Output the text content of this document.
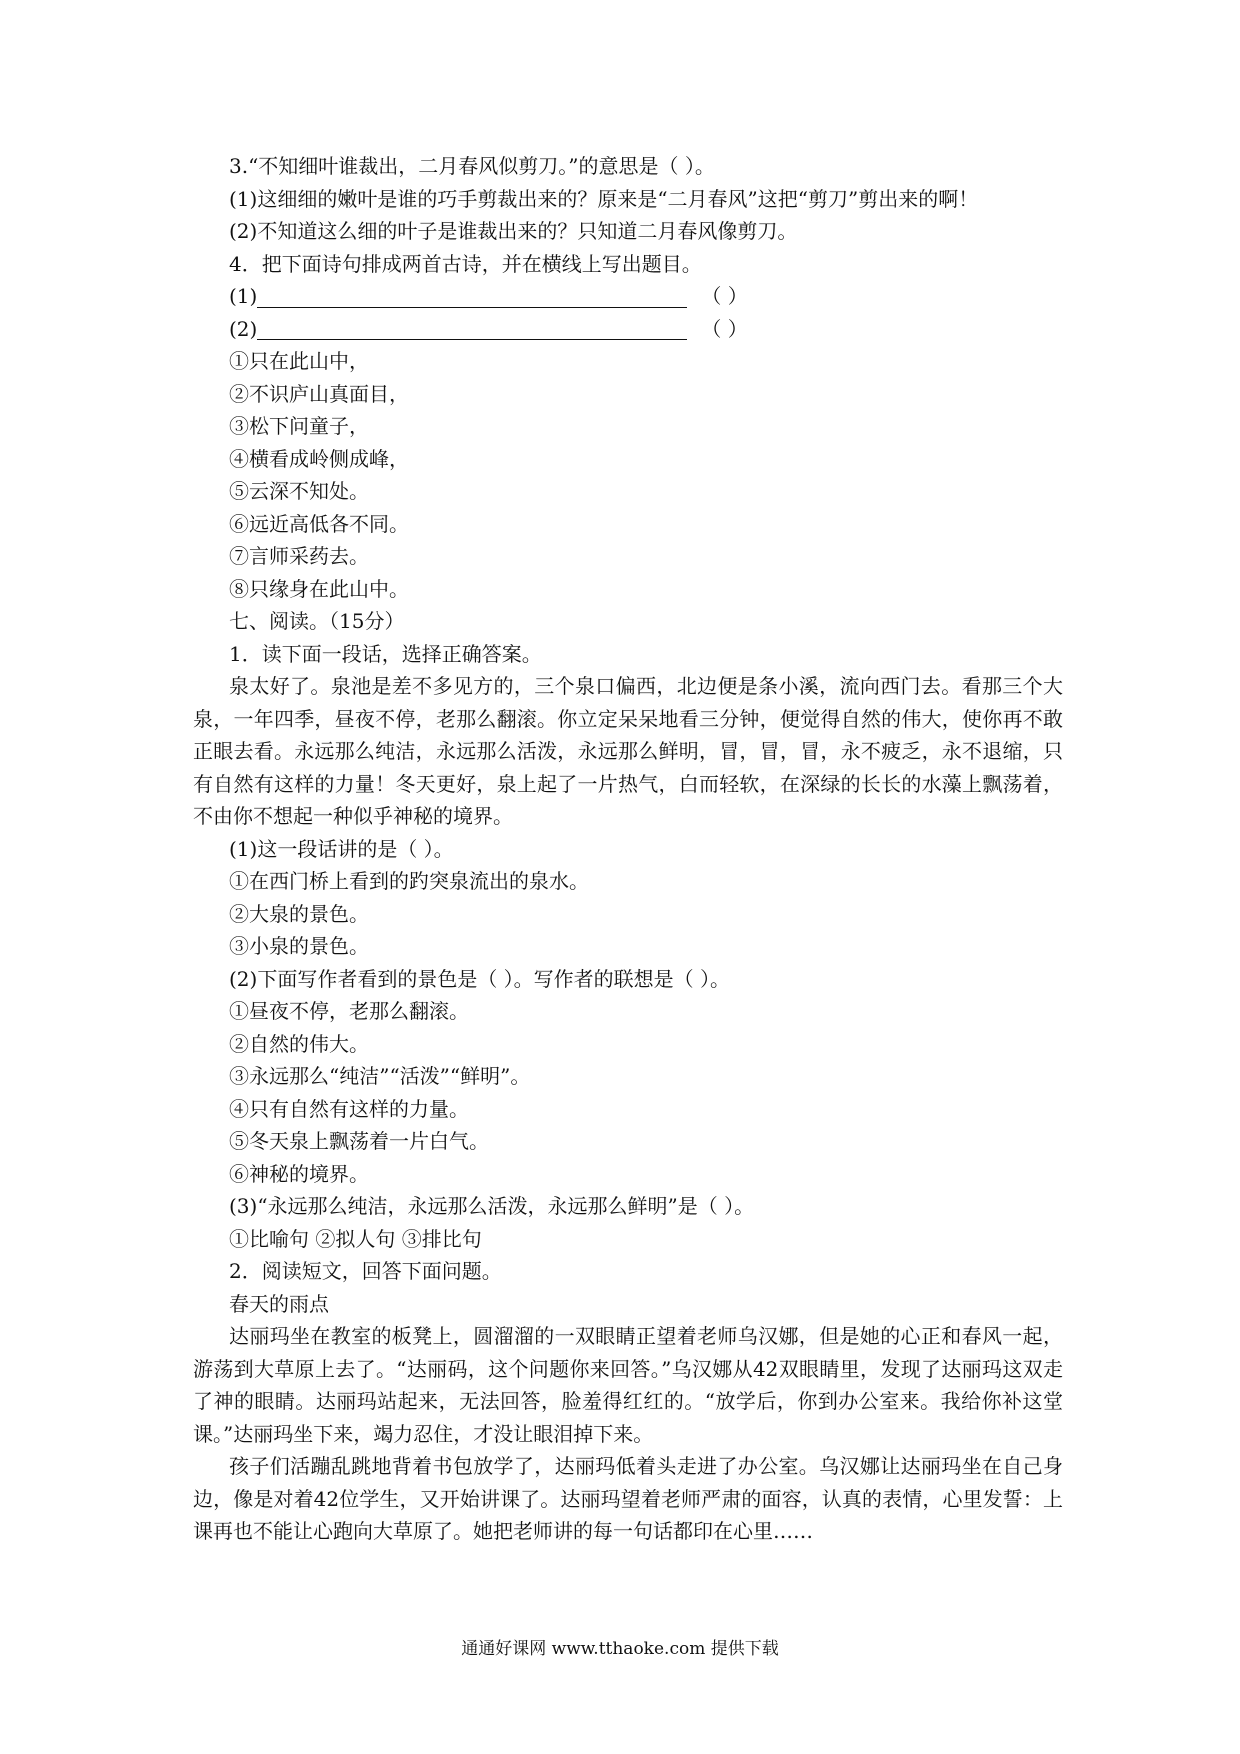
3.“不知细叶谁裁出，二月春风似剪刀。”的意思是（ ）。
(1)这细细的嫩叶是谁的巧手剪裁出来的？原来是“二月春风”这把“剪刀”剪出来的啊！
(2)不知道这么细的叶子是谁裁出来的？只知道二月春风像剪刀。
4．把下面诗句排成两首古诗，并在横线上写出题目。
(1)	（ ）
(2)	（ ）
①只在此山中，
②不识庐山真面目，
③松下问童子，
④横看成岭侧成峰，
⑤云深不知处。
⑥远近高低各不同。
⑦言师采药去。
⑧只缘身在此山中。
七、阅读。（15分）
1．读下面一段话，选择正确答案。
泉太好了。泉池是差不多见方的，三个泉口偏西，北边便是条小溪，流向西门去。看那三个大泉，一年四季，昼夜不停，老那么翻滚。你立定呆呆地看三分钟，便觉得自然的伟大，使你再不敢正眼去看。永远那么纯洁，永远那么活泼，永远那么鲜明，冒，冒，冒，永不疲乏，永不退缩，只有自然有这样的力量！冬天更好，泉上起了一片热气，白而轻软，在深绿的长长的水藻上飘荡着，不由你不想起一种似乎神秘的境界。
(1)这一段话讲的是（ ）。
①在西门桥上看到的趵突泉流出的泉水。
②大泉的景色。
③小泉的景色。
(2)下面写作者看到的景色是（ ）。写作者的联想是（ ）。
①昼夜不停，老那么翻滚。
②自然的伟大。
③永远那么“纯洁”“活泼”“鲜明”。
④只有自然有这样的力量。
⑤冬天泉上飘荡着一片白气。
⑥神秘的境界。
(3)“永远那么纯洁，永远那么活泼，永远那么鲜明”是（ ）。
①比喻句 ②拟人句 ③排比句
2．阅读短文，回答下面问题。
春天的雨点
达丽玛坐在教室的板凳上，圆溜溜的一双眼睛正望着老师乌汉娜，但是她的心正和春风一起，游荡到大草原上去了。“达丽码，这个问题你来回答。”乌汉娜从42双眼睛里，发现了达丽玛这双走了神的眼睛。达丽玛站起来，无法回答，脸羞得红红的。“放学后，你到办公室来。我给你补这堂课。”达丽玛坐下来，竭力忍住，才没让眼泪掉下来。
孩子们活蹦乱跳地背着书包放学了，达丽玛低着头走进了办公室。乌汉娜让达丽玛坐在自己身边，像是对着42位学生，又开始讲课了。达丽玛望着老师严肃的面容，认真的表情，心里发誓：上课再也不能让心跑向大草原了。她把老师讲的每一句话都印在心里……
通通好课网 www.tthaoke.com 提供下载
